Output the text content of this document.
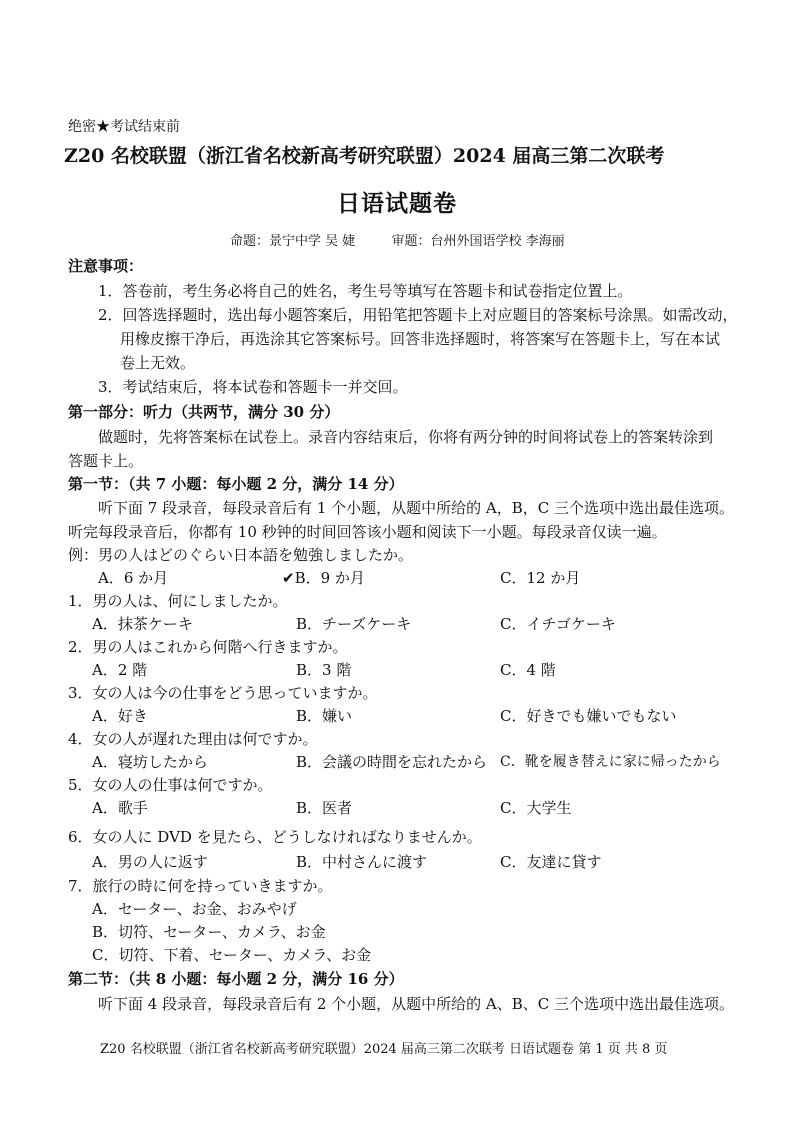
绝密★考试结束前
Z20 名校联盟（浙江省名校新高考研究联盟）2024 届高三第二次联考
日语试题卷
命题：景宁中学 吴 婕	审题：台州外国语学校 李海丽
注意事项：
1．答卷前，考生务必将自己的姓名，考生号等填写在答题卡和试卷指定位置上。
2．回答选择题时，选出每小题答案后，用铅笔把答题卡上对应题目的答案标号涂黑。如需改动，
用橡皮擦干净后，再选涂其它答案标号。回答非选择题时，将答案写在答题卡上，写在本试
卷上无效。
3．考试结束后，将本试卷和答题卡一并交回。
第一部分：听力（共两节，满分 30 分）
做题时，先将答案标在试卷上。录音内容结束后，你将有两分钟的时间将试卷上的答案转涂到
答题卡上。
第一节：（共 7 小题：每小题 2 分，满分 14 分）
听下面 7 段录音，每段录音后有 1 个小题，从题中所给的 A，B，C 三个选项中选出最佳选项。
听完每段录音后，你都有 10 秒钟的时间回答该小题和阅读下一小题。每段录音仅读一遍。
例：男の人はどのぐらい日本語を勉強しましたか。
A．6 か月	✔B．9 か月	C．12 か月
1．男の人は、何にしましたか。
A．抹茶ケーキ	B．チーズケーキ	C．イチゴケーキ
2．男の人はこれから何階へ行きますか。
A．2 階	B．3 階	C．4 階
3．女の人は今の仕事をどう思っていますか。
A．好き	B．嫌い	C．好きでも嫌いでもない
4．女の人が遅れた理由は何ですか。
A．寝坊したから	B．会議の時間を忘れたから C．靴を履き替えに家に帰ったから
5．女の人の仕事は何ですか。
A．歌手	B．医者	C．大学生
6．女の人に DVD を見たら、どうしなければなりませんか。
A．男の人に返す	B．中村さんに渡す	C．友達に貸す
7．旅行の時に何を持っていきますか。
A．セーター、お金、おみやげ
B．切符、セーター、カメラ、お金
C．切符、下着、セーター、カメラ、お金
第二节：（共 8 小题：每小题 2 分，满分 16 分）
听下面 4 段录音，每段录音后有 2 个小题，从题中所给的 A、B、C 三个选项中选出最佳选项。
Z20 名校联盟（浙江省名校新高考研究联盟）2024 届高三第二次联考 日语试题卷 第 1 页 共 8 页
